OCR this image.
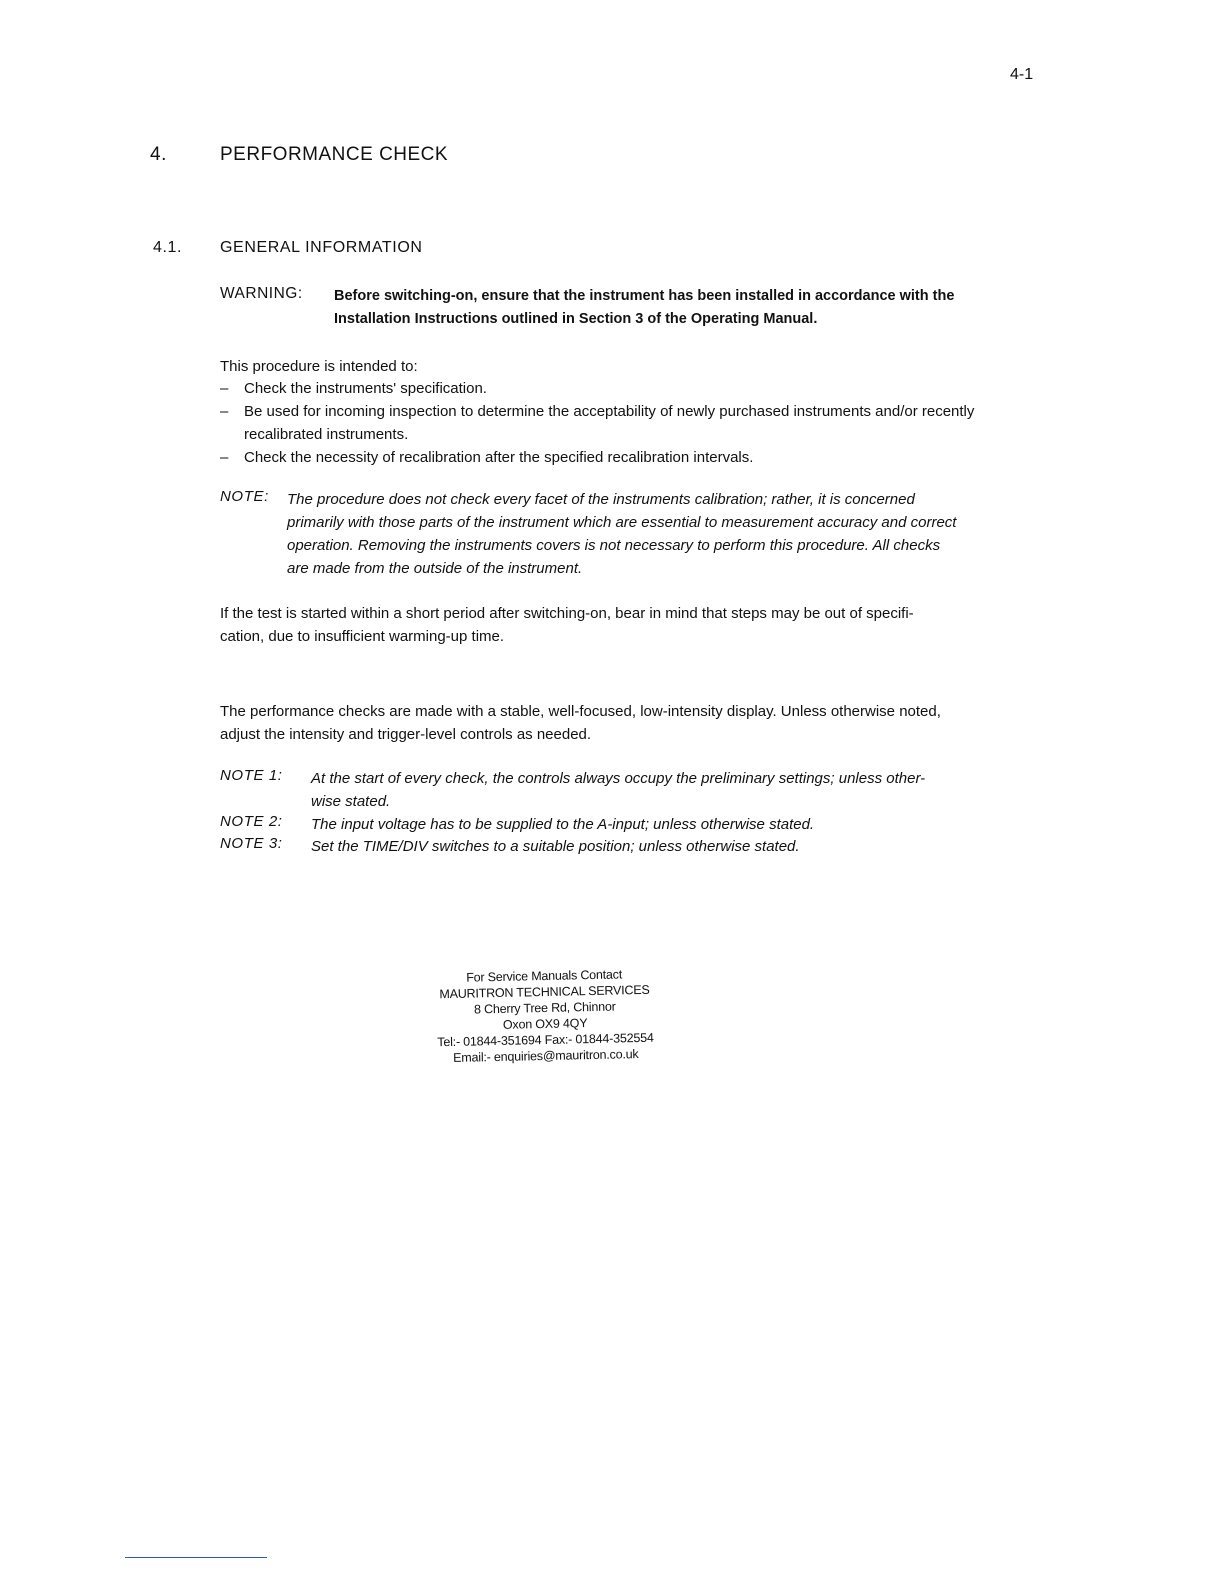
4-1
4.	PERFORMANCE CHECK
4.1. GENERAL INFORMATION
WARNING: Before switching-on, ensure that the instrument has been installed in accordance with the
Installation Instructions outlined in Section 3 of the Operating Manual.
This procedure is intended to:
– Check the instruments' specification.
– Be used for incoming inspection to determine the acceptability of newly purchased instruments and/or recently recalibrated instruments.
– Check the necessity of recalibration after the specified recalibration intervals.
NOTE: The procedure does not check every facet of the instruments calibration; rather, it is concerned
primarily with those parts of the instrument which are essential to measurement accuracy and correct
operation. Removing the instruments covers is not necessary to perform this procedure. All checks
are made from the outside of the instrument.
If the test is started within a short period after switching-on, bear in mind that steps may be out of specifi-
cation, due to insufficient warming-up time.
The performance checks are made with a stable, well-focused, low-intensity display. Unless otherwise noted,
adjust the intensity and trigger-level controls as needed.
NOTE 1: At the start of every check, the controls always occupy the preliminary settings; unless other-
wise stated.
NOTE 2: The input voltage has to be supplied to the A-input; unless otherwise stated.
NOTE 3: Set the TIME/DIV switches to a suitable position; unless otherwise stated.
For Service Manuals Contact
MAURITRON TECHNICAL SERVICES
8 Cherry Tree Rd, Chinnor
Oxon OX9 4QY
Tel:- 01844-351694 Fax:- 01844-352554
Email:- enquiries@mauritron.co.uk
